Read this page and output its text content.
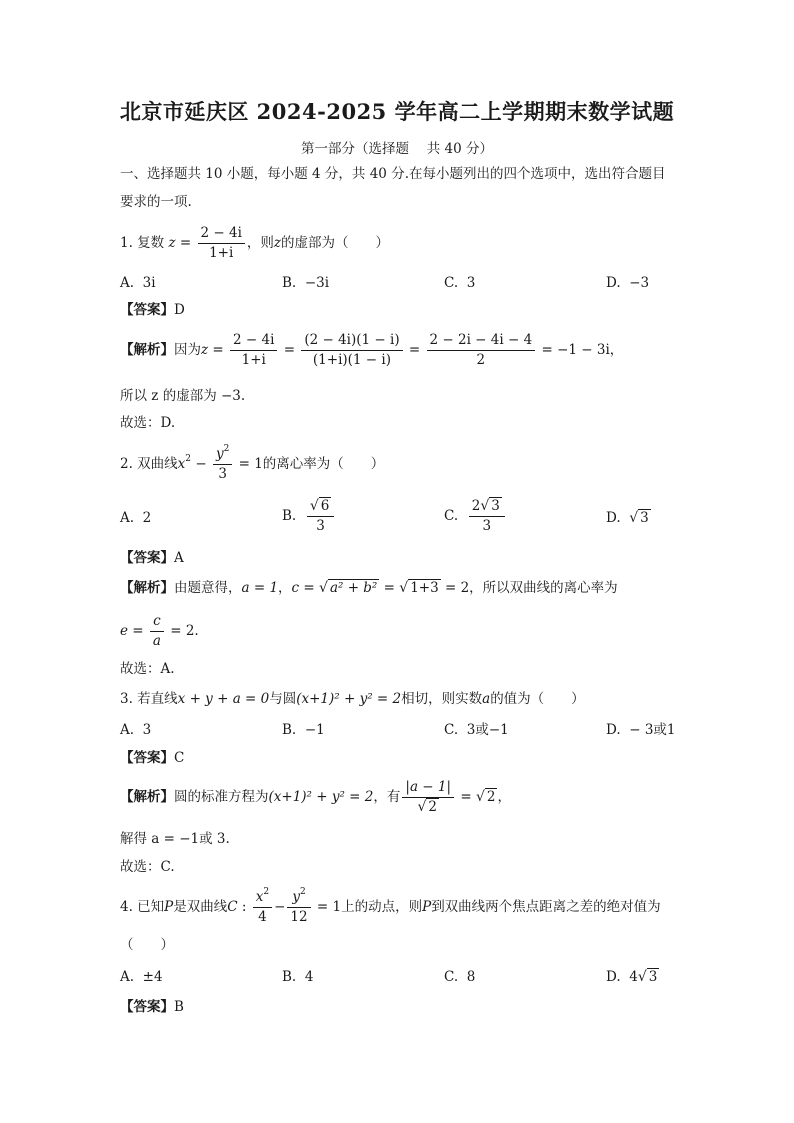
北京市延庆区 2024-2025 学年高二上学期期末数学试题
第一部分（选择题　 共 40 分）
一、选择题共 10 小题，每小题 4 分，共 40 分.在每小题列出的四个选项中，选出符合题目
要求的一项.
1. 复数 $z = \frac{2 - 4i}{1+i}$ ，则z的虚部为（　　）
A. 3i	B. −3i	C. 3	D. −3
【答案】D
【解析】因为$z = \frac{2 - 4i}{1+i} = \frac{(2 - 4i)(1 - i)}{(1+i)(1 - i)} = \frac{2 - 2i - 4i - 4}{2} = -1 - 3i$，
所以 z 的虚部为 −3.
故选：D.
2. 双曲线$x^2 - \frac{y^2}{3} = 1$的离心率为（　　）
A. 2	B. $\frac{√ 6}{3}$	C. $\frac{2√ 3}{3}$	D. √ 3
【答案】A
【解析】由题意得，a = 1，c = √ a² + b² = √ 1+3 = 2，所以双曲线的离心率为
$e = \frac{c}{a} = 2$.
故选：A.
3. 若直线x + y + a = 0与圆(x+1)² + y² = 2相切，则实数a的值为（　　）
A. 3	B. −1	C. 3或−1	D. − 3或1
【答案】C
【解析】圆的标准方程为(x+1)² + y² = 2，有 $\frac{|a - 1|}{√ 2}$ = √ 2 ，
解得 a = −1或 3.
故选：C.
4. 已知P是双曲线C : $\frac{x^2}{4} - \frac{y^2}{12} = 1$上的动点，则P到双曲线两个焦点距离之差的绝对值为
（　　）
A. ±4	B. 4	C. 8	D. 4√ 3
【答案】B
